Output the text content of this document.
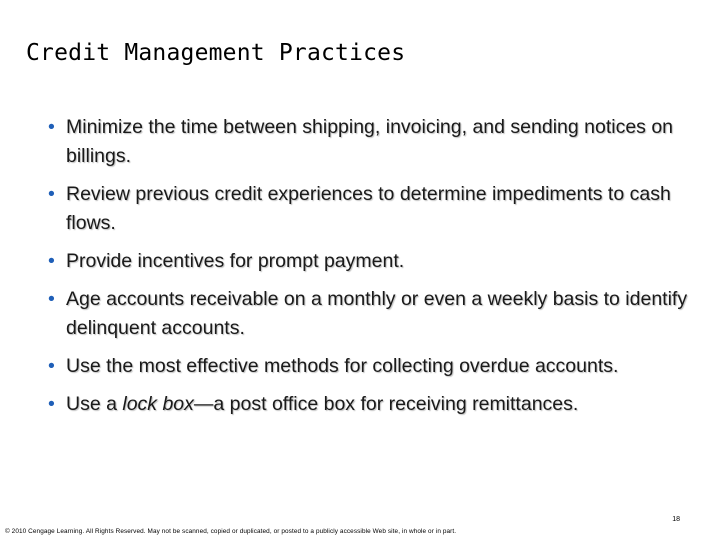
Credit Management Practices
• Minimize the time between shipping, invoicing, and sending notices on billings.
• Review previous credit experiences to determine impediments to cash flows.
• Provide incentives for prompt payment.
• Age accounts receivable on a monthly or even a weekly basis to identify delinquent accounts.
• Use the most effective methods for collecting overdue accounts.
• Use a lock box—a post office box for receiving remittances.
18
© 2010 Cengage Learning. All Rights Reserved. May not be scanned, copied or duplicated, or posted to a publicly accessible Web site, in whole or in part.
